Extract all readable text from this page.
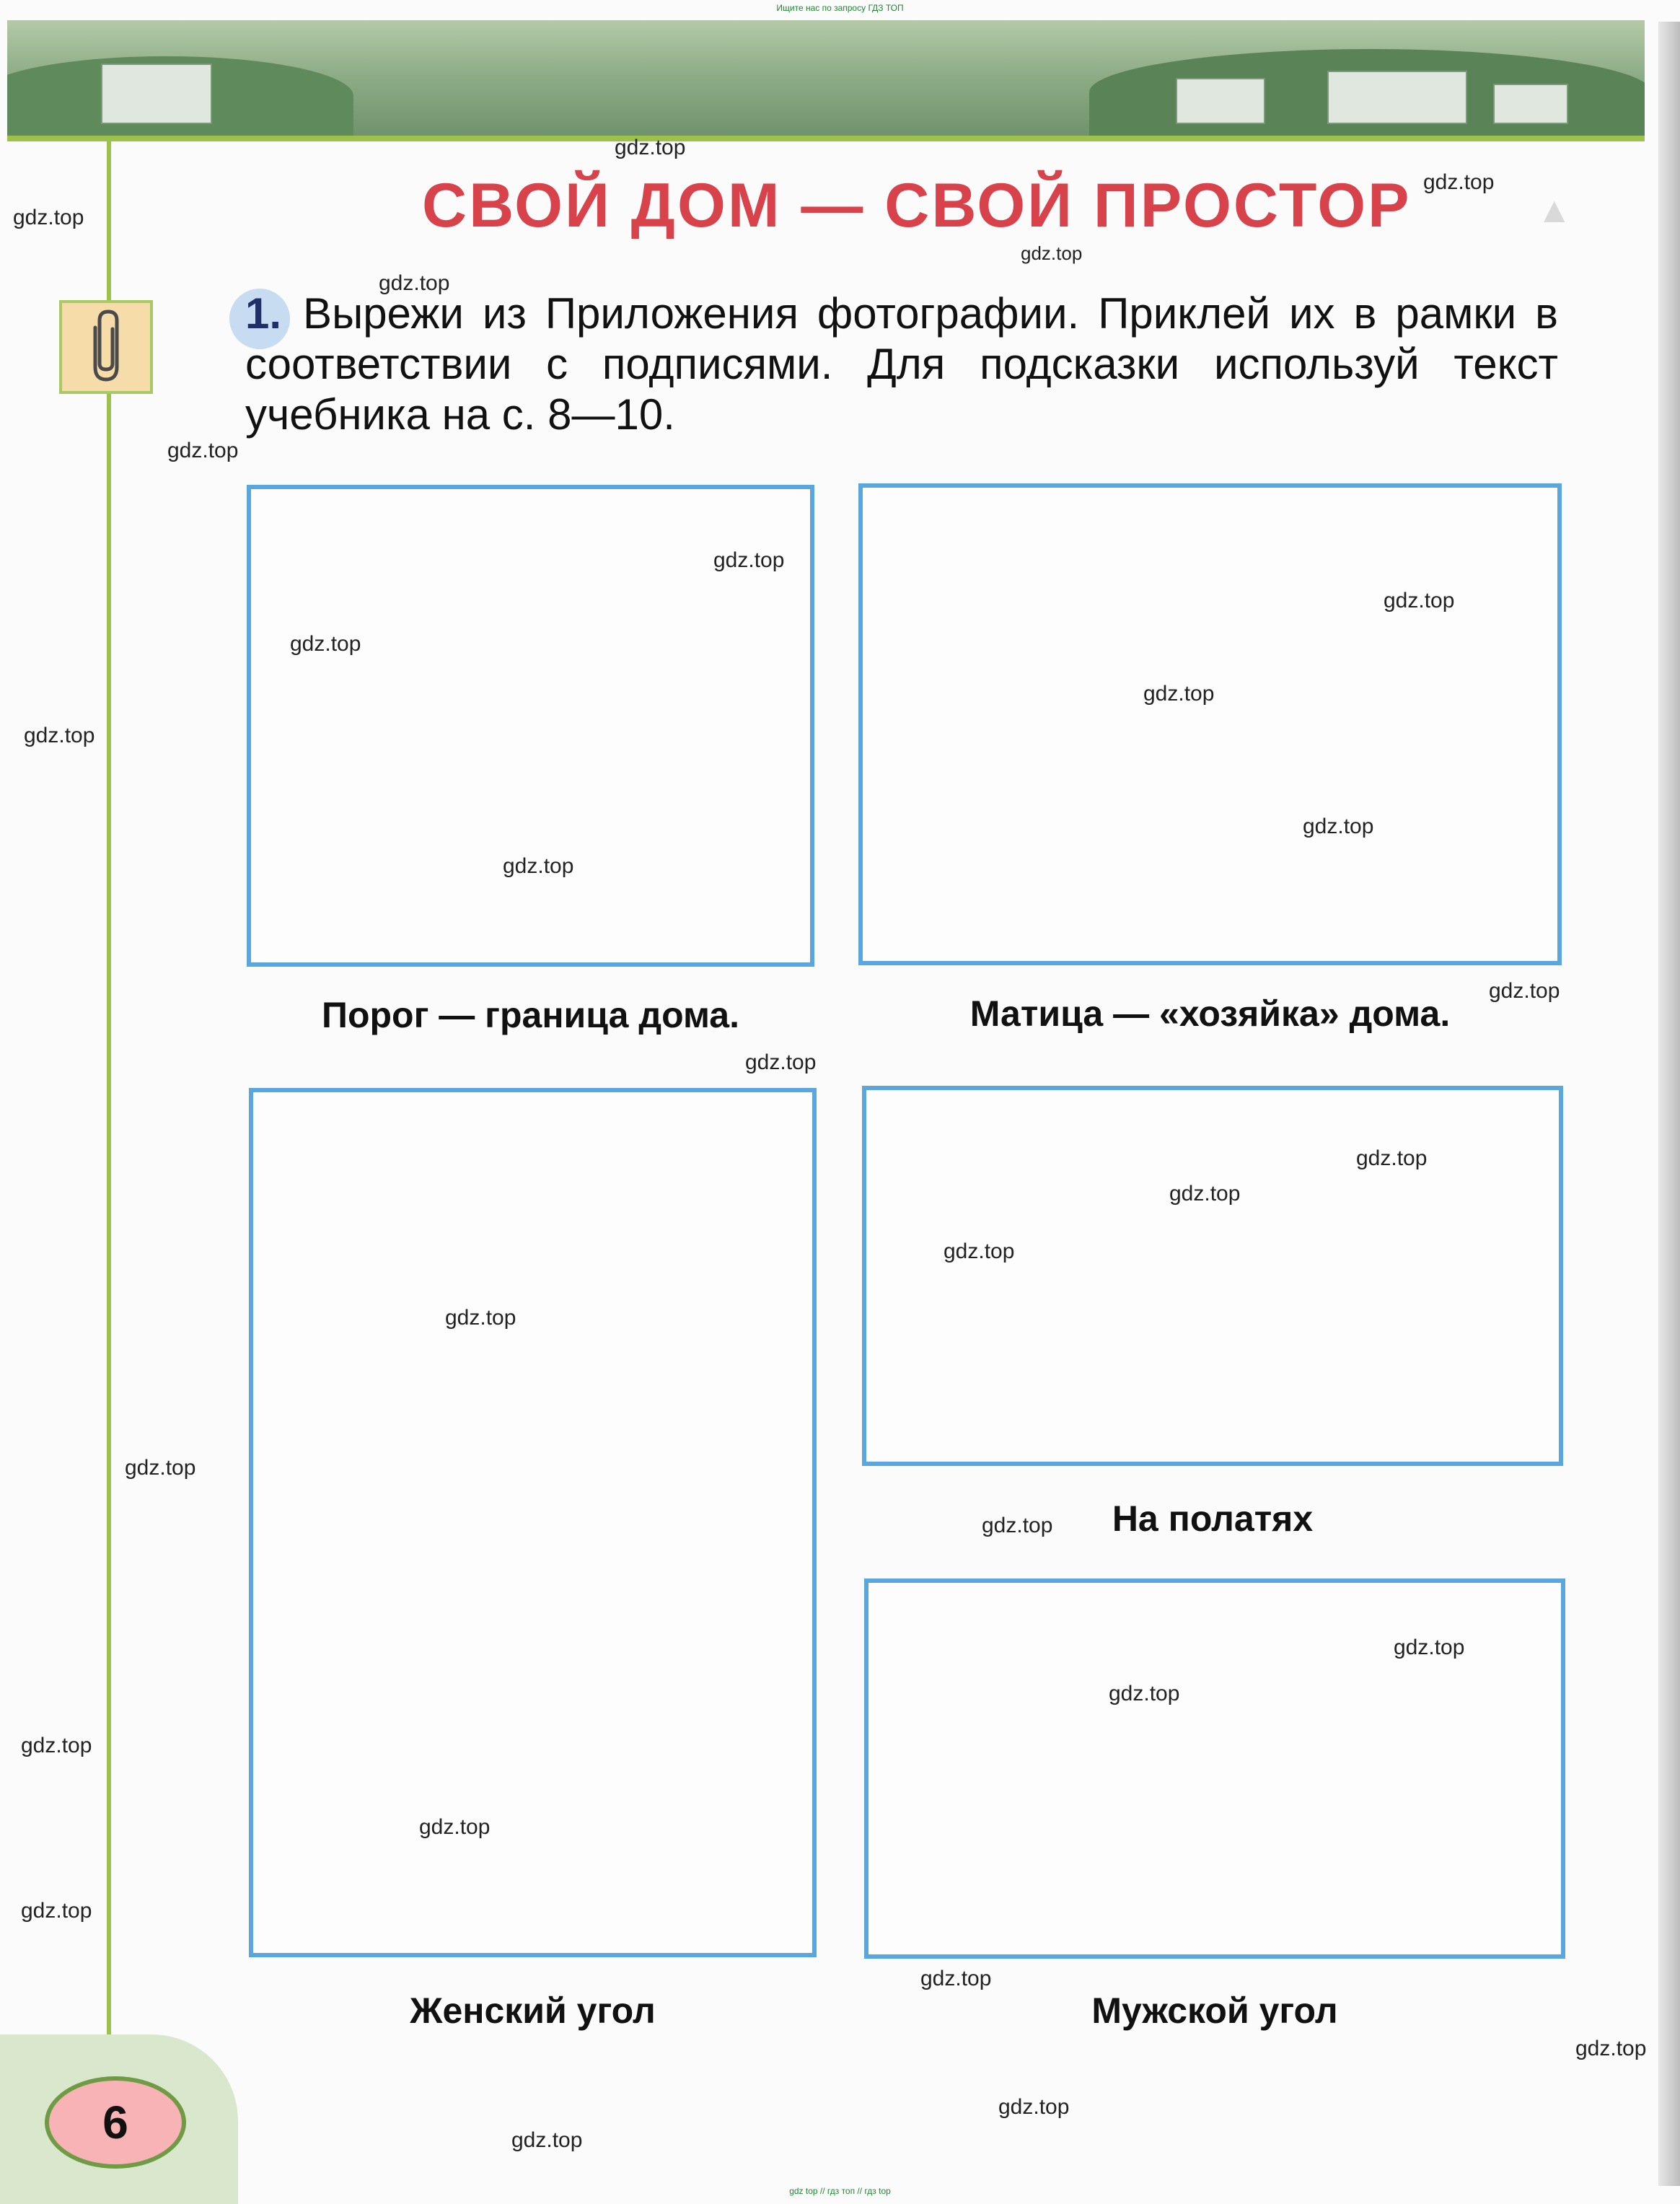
Ищите нас по запросу ГДЗ ТОП
СВОЙ ДОМ — СВОЙ ПРОСТОР	▲
1. Вырежи из Приложения фотографии. Приклей их в рамки в соответствии с подписями. Для подсказки используй текст учебника на с. 8—10.
Порог — граница дома.	Матица — «хозяйка» дома.
На полатях
Женский угол	Мужской угол
6
gdz.top
gdz.top
gdz.top
gdz.top
gdz.top
gdz.top
gdz.top
gdz.top
gdz.top
gdz.top
gdz.top
gdz.top
gdz.top
gdz.top
gdz.top
gdz.top
gdz.top
gdz.top
gdz.top
gdz.top
gdz.top
gdz.top
gdz.top
gdz.top
gdz.top
gdz.top
gdz.top
gdz.top
gdz.top
gdz.top
gdz top // гдз топ // гдз top
